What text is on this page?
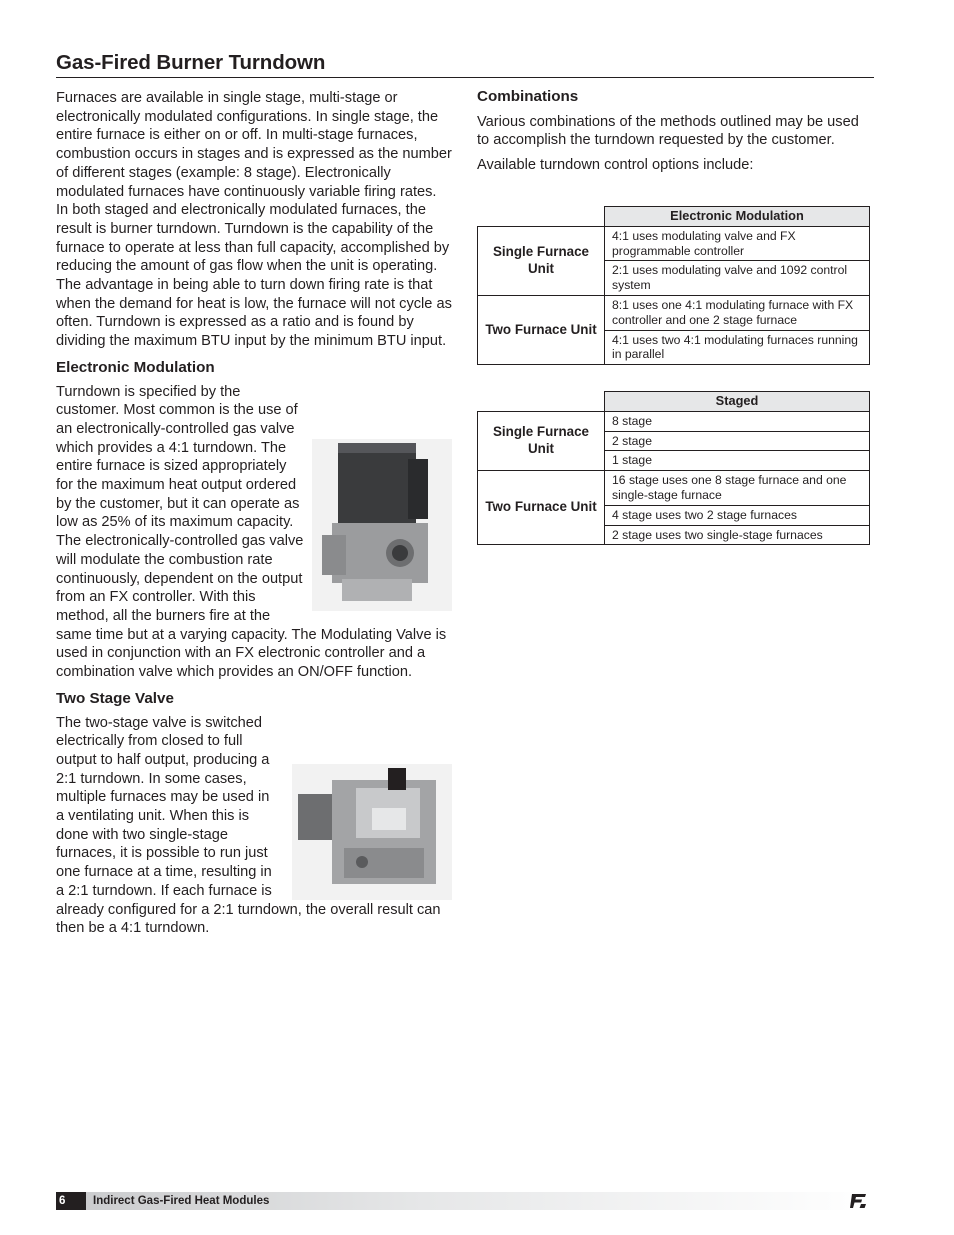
Gas-Fired Burner Turndown

Furnaces are available in single stage, multi-stage or electronically modulated configurations. In single stage, the entire furnace is either on or off. In multi-stage furnaces, combustion occurs in stages and is expressed as the number of different stages (example: 8 stage). Electronically modulated furnaces have continuously variable firing rates. In both staged and electronically modulated furnaces, the result is burner turndown. Turndown is the capability of the furnace to operate at less than full capacity, accomplished by reducing the amount of gas flow when the unit is operating. The advantage in being able to turn down firing rate is that when the demand for heat is low, the furnace will not cycle as often. Turndown is expressed as a ratio and is found by dividing the maximum BTU input by the minimum BTU input.

Electronic Modulation

Turndown is specified by the customer. Most common is the use of an electronically-controlled gas valve which provides a 4:1 turndown. The entire furnace is sized appropriately for the maximum heat output ordered by the customer, but it can operate as low as 25% of its maximum capacity. The electronically-controlled gas valve will modulate the combustion rate continuously, dependent on the output from an FX controller. With this method, all the burners fire at the same time but at a varying capacity. The Modulating Valve is used in conjunction with an FX electronic controller and a combination valve which provides an ON/OFF function.

Two Stage Valve

The two-stage valve is switched electrically from closed to full output to half output, producing a 2:1 turndown. In some cases, multiple furnaces may be used in a ventilating unit. When this is done with two single-stage furnaces, it is possible to run just one furnace at a time, resulting in a 2:1 turndown. If each furnace is already configured for a 2:1 turndown, the overall result can then be a 4:1 turndown.

Combinations

Various combinations of the methods outlined may be used to accomplish the turndown requested by the customer.

Available turndown control options include:

	Electronic Modulation
Single Furnace Unit	4:1 uses modulating valve and FX programmable controller
	2:1 uses modulating valve and 1092 control system
Two Furnace Unit	8:1 uses one 4:1 modulating furnace with FX controller and one 2 stage furnace
	4:1 uses two 4:1 modulating furnaces running in parallel
	Staged
Single Furnace Unit	8 stage
	2 stage
	1 stage
Two Furnace Unit	16 stage uses one 8 stage furnace and one single-stage furnace
	4 stage uses two 2 stage furnaces
	2 stage uses two single-stage furnaces
6	Indirect Gas-Fired Heat Modules
